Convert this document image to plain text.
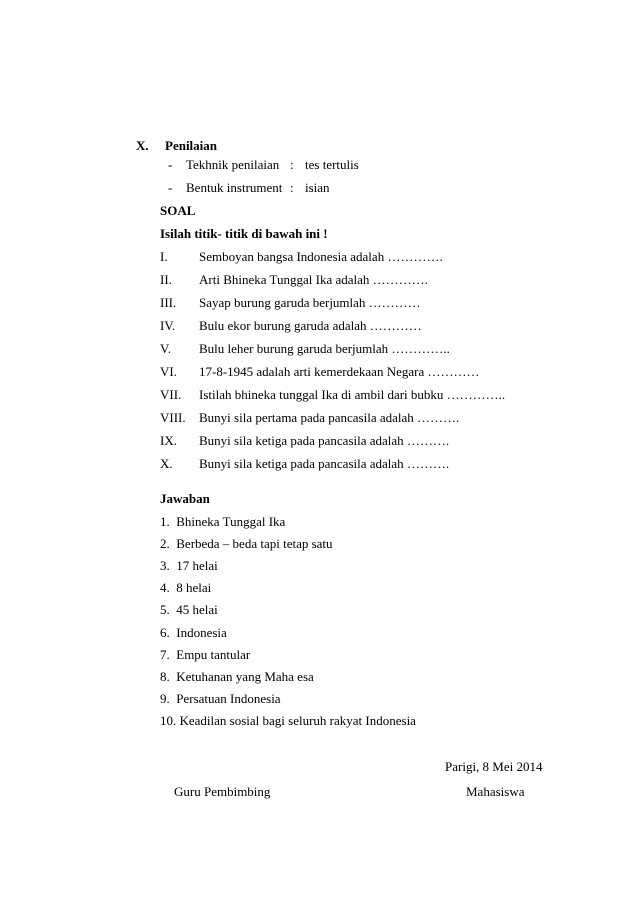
X. Penilaian
- Tekhnik penilaian : tes tertulis
- Bentuk instrument : isian
SOAL
Isilah titik- titik di bawah ini !
I. Semboyan bangsa Indonesia adalah ………….
II. Arti Bhineka Tunggal Ika adalah ………….
III. Sayap burung garuda berjumlah …………
IV. Bulu ekor burung garuda adalah …………
V. Bulu leher burung garuda berjumlah …………..
VI. 17-8-1945 adalah arti kemerdekaan Negara …………
VII. Istilah bhineka tunggal Ika di ambil dari bubku …………..
VIII. Bunyi sila pertama pada pancasila adalah ……….
IX. Bunyi sila ketiga pada pancasila adalah ……….
X. Bunyi sila ketiga pada pancasila adalah ……….
Jawaban
1.  Bhineka Tunggal Ika
2.  Berbeda – beda tapi tetap satu
3.  17 helai
4.  8 helai
5.  45 helai
6.  Indonesia
7.  Empu tantular
8.  Ketuhanan yang Maha esa
9.  Persatuan Indonesia
10. Keadilan sosial bagi seluruh rakyat Indonesia
Parigi, 8 Mei 2014
Guru Pembimbing	Mahasiswa
